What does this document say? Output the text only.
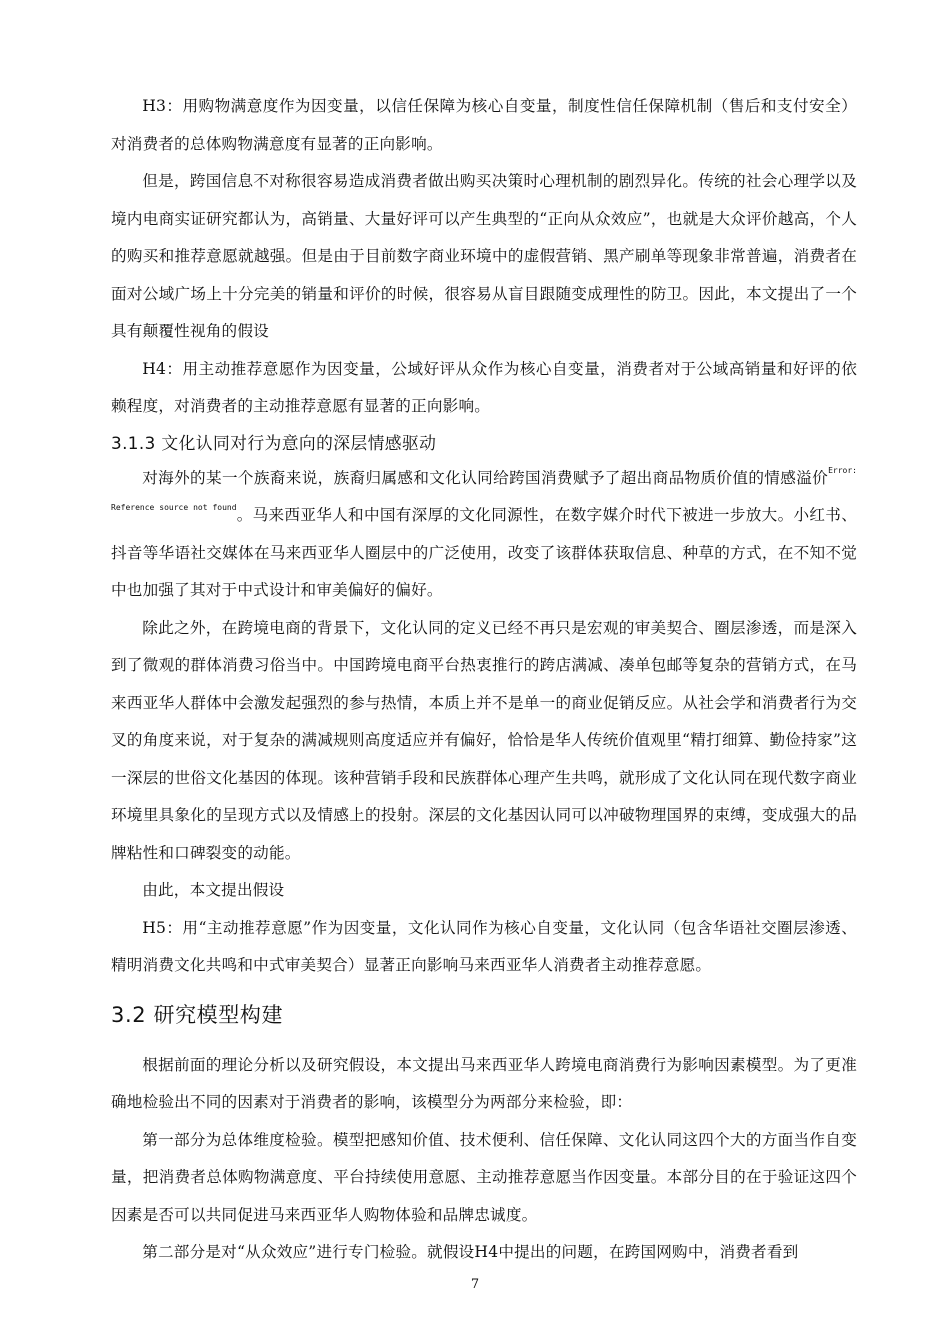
H3：用购物满意度作为因变量，以信任保障为核心自变量，制度性信任保障机制（售后和支付安全）对消费者的总体购物满意度有显著的正向影响。

但是，跨国信息不对称很容易造成消费者做出购买决策时心理机制的剧烈异化。传统的社会心理学以及境内电商实证研究都认为，高销量、大量好评可以产生典型的“正向从众效应”，也就是大众评价越高，个人的购买和推荐意愿就越强。但是由于目前数字商业环境中的虚假营销、黑产刷单等现象非常普遍，消费者在面对公域广场上十分完美的销量和评价的时候，很容易从盲目跟随变成理性的防卫。因此，本文提出了一个具有颠覆性视角的假设

H4：用主动推荐意愿作为因变量，公域好评从众作为核心自变量，消费者对于公域高销量和好评的依赖程度，对消费者的主动推荐意愿有显著的正向影响。

3.1.3 文化认同对行为意向的深层情感驱动

对海外的某一个族裔来说，族裔归属感和文化认同给跨国消费赋予了超出商品物质价值的情感溢价$^{Error: Reference source not found}$。马来西亚华人和中国有深厚的文化同源性，在数字媒介时代下被进一步放大。小红书、抖音等华语社交媒体在马来西亚华人圈层中的广泛使用，改变了该群体获取信息、种草的方式，在不知不觉中也加强了其对于中式设计和审美偏好的偏好。

除此之外，在跨境电商的背景下，文化认同的定义已经不再只是宏观的审美契合、圈层渗透，而是深入到了微观的群体消费习俗当中。中国跨境电商平台热衷推行的跨店满减、凑单包邮等复杂的营销方式，在马来西亚华人群体中会激发起强烈的参与热情，本质上并不是单一的商业促销反应。从社会学和消费者行为交叉的角度来说，对于复杂的满减规则高度适应并有偏好，恰恰是华人传统价值观里“精打细算、勤俭持家”这一深层的世俗文化基因的体现。该种营销手段和民族群体心理产生共鸣，就形成了文化认同在现代数字商业环境里具象化的呈现方式以及情感上的投射。深层的文化基因认同可以冲破物理国界的束缚，变成强大的品牌粘性和口碑裂变的动能。

由此，本文提出假设

H5：用“主动推荐意愿”作为因变量，文化认同作为核心自变量，文化认同（包含华语社交圈层渗透、精明消费文化共鸣和中式审美契合）显著正向影响马来西亚华人消费者主动推荐意愿。

3.2 研究模型构建

根据前面的理论分析以及研究假设，本文提出马来西亚华人跨境电商消费行为影响因素模型。为了更准确地检验出不同的因素对于消费者的影响，该模型分为两部分来检验，即：

第一部分为总体维度检验。模型把感知价值、技术便利、信任保障、文化认同这四个大的方面当作自变量，把消费者总体购物满意度、平台持续使用意愿、主动推荐意愿当作因变量。本部分目的在于验证这四个因素是否可以共同促进马来西亚华人购物体验和品牌忠诚度。

第二部分是对“从众效应”进行专门检验。就假设H4中提出的问题，在跨国网购中，消费者看到

7
